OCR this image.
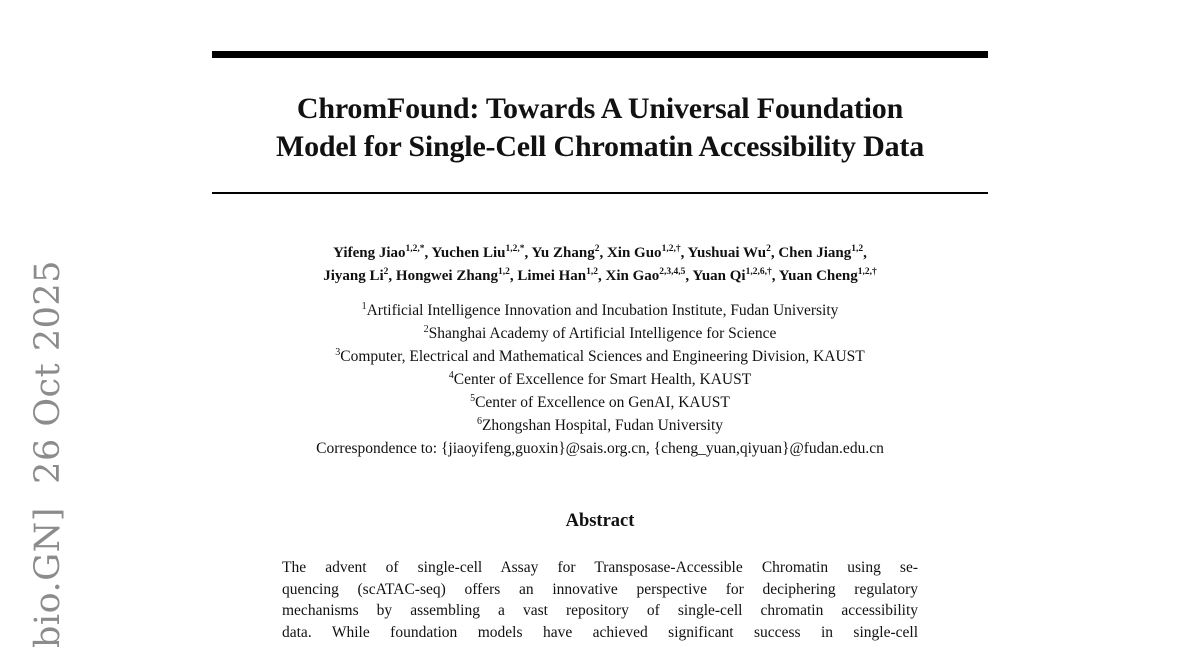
bio.GN]  26 Oct 2025
ChromFound: Towards A Universal Foundation
Model for Single-Cell Chromatin Accessibility Data
Yifeng Jiao$^{1,2,*}$, Yuchen Liu$^{1,2,*}$, Yu Zhang$^2$, Xin Guo$^{1,2,\dagger}$, Yushuai Wu$^2$, Chen Jiang$^{1,2}$,
Jiyang Li$^2$, Hongwei Zhang$^{1,2}$, Limei Han$^{1,2}$, Xin Gao$^{2,3,4,5}$, Yuan $Qi^{1,2,6,\dagger}$, Yuan Cheng$^{1,2,\dagger}$
$^1$Artificial Intelligence Innovation and Incubation Institute, Fudan University
$^2$Shanghai Academy of Artificial Intelligence for Science
$^3$Computer, Electrical and Mathematical Sciences and Engineering Division, KAUST
$^4$Center of Excellence for Smart Health, KAUST
$^5$Center of Excellence on GenAI, KAUST
$^6$Zhongshan Hospital, Fudan University
Correspondence to: {jiaoyifeng,guoxin}@sais.org.cn, {cheng_yuan,qiyuan}@fudan.edu.cn
Abstract
The advent of single-cell Assay for Transposase-Accessible Chromatin using se-
quencing (scATAC-seq) offers an innovative perspective for deciphering regulatory
mechanisms by assembling a vast repository of single-cell chromatin accessibility
data. While foundation models have achieved significant success in single-cell
